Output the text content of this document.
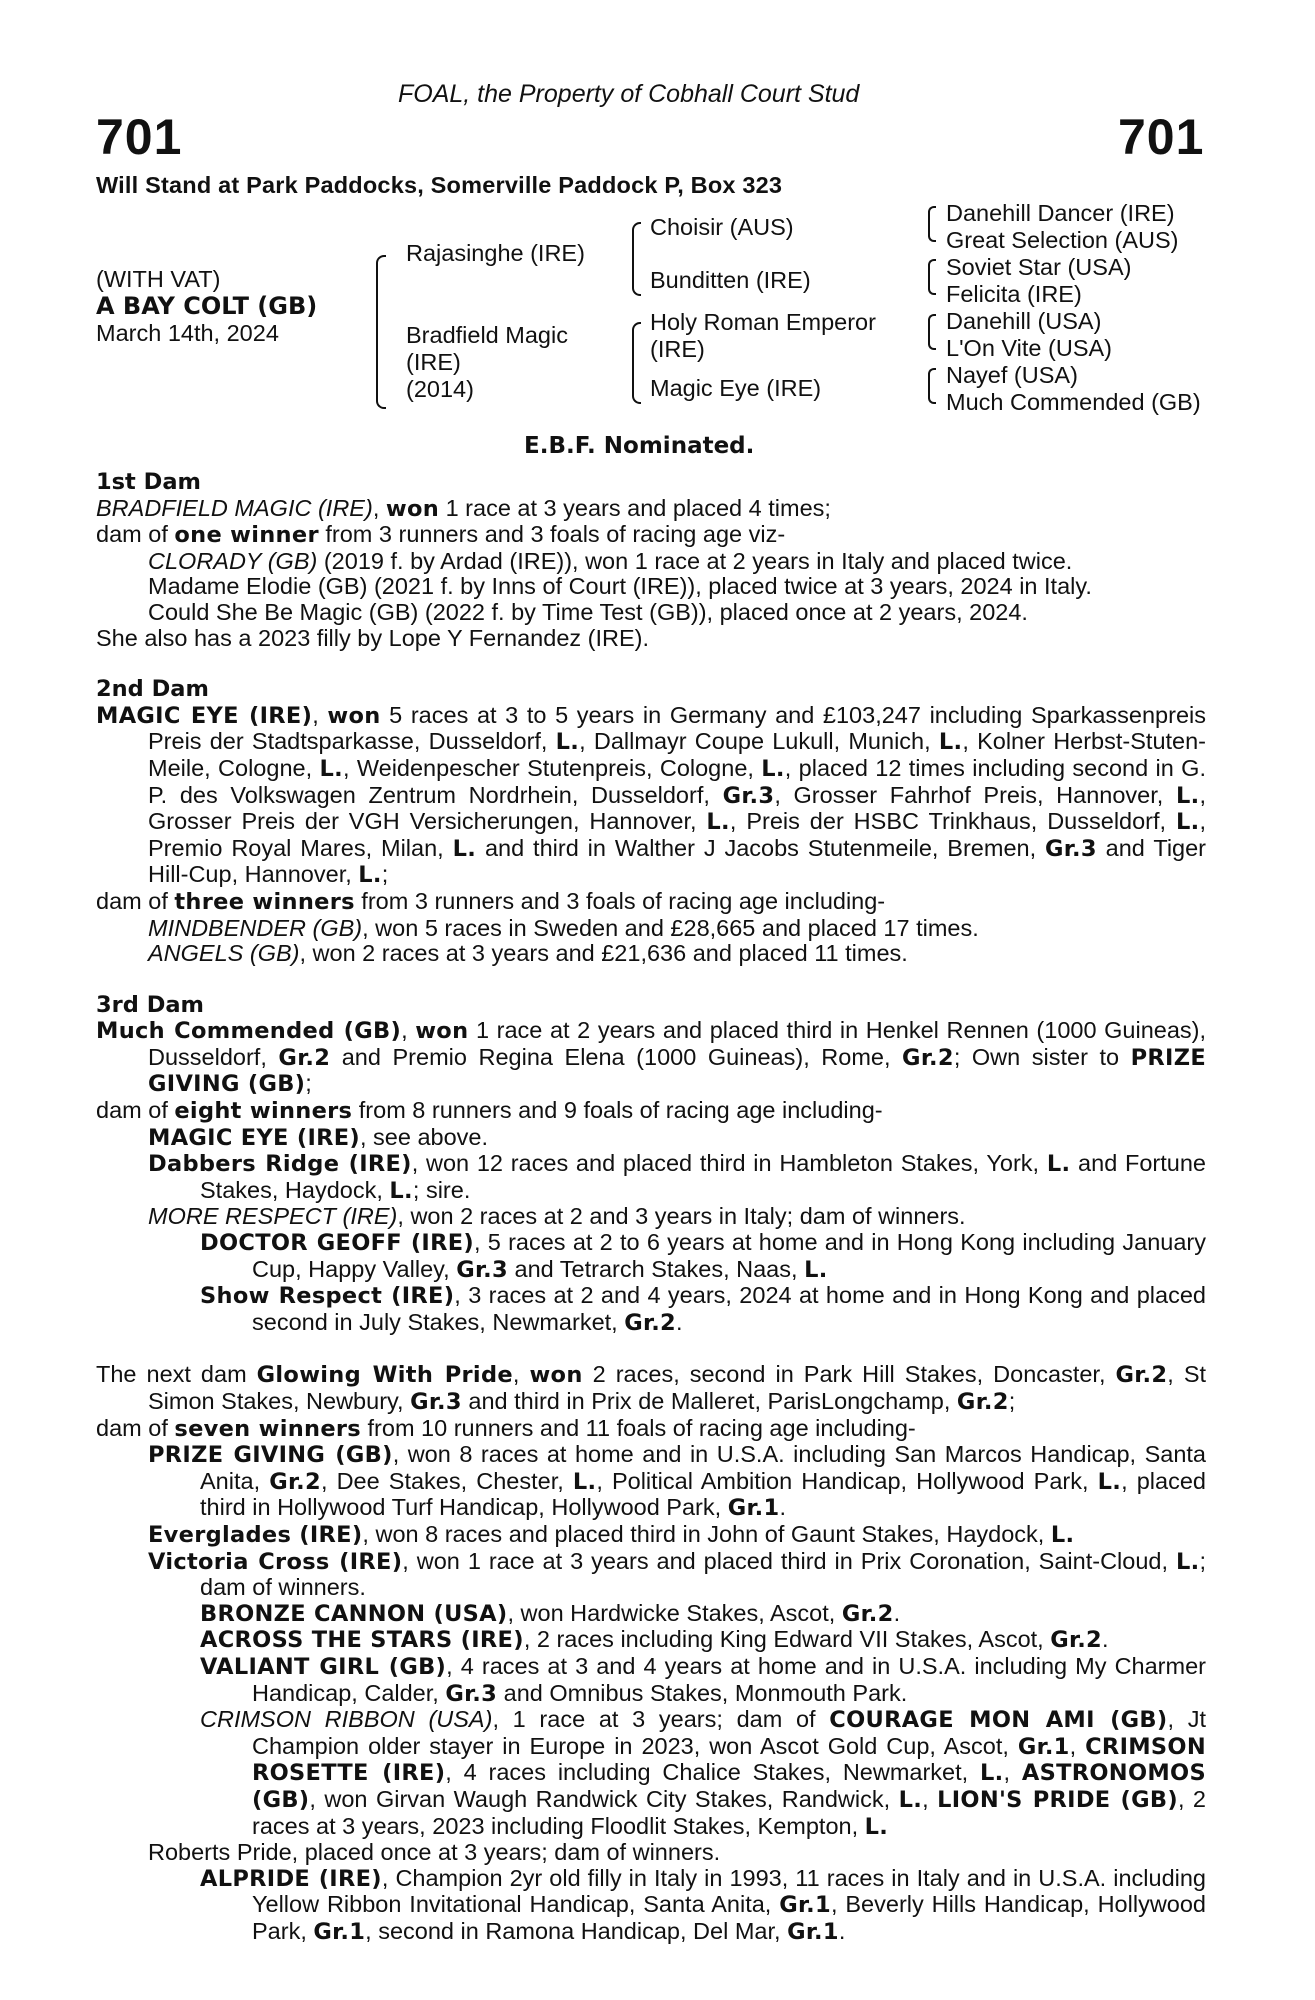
FOAL, the Property of Cobhall Court Stud
701	701
Will Stand at Park Paddocks, Somerville Paddock P, Box 323
(WITH VAT)
A BAY COLT (GB)
March 14th, 2024
Rajasinghe (IRE)
Bradfield Magic
(IRE)
(2014)
Choisir (AUS)
Bunditten (IRE)
Holy Roman Emperor
(IRE)
Magic Eye (IRE)
Danehill Dancer (IRE)
Great Selection (AUS)
Soviet Star (USA)
Felicita (IRE)
Danehill (USA)
L'On Vite (USA)
Nayef (USA)
Much Commended (GB)
E.B.F. Nominated.

1st Dam

BRADFIELD MAGIC (IRE), won 1 race at 3 years and placed 4 times;

dam of one winner from 3 runners and 3 foals of racing age viz-

CLORADY (GB) (2019 f. by Ardad (IRE)), won 1 race at 2 years in Italy and placed twice.

Madame Elodie (GB) (2021 f. by Inns of Court (IRE)), placed twice at 3 years, 2024 in Italy.

Could She Be Magic (GB) (2022 f. by Time Test (GB)), placed once at 2 years, 2024.

She also has a 2023 filly by Lope Y Fernandez (IRE).

2nd Dam

MAGIC EYE (IRE), won 5 races at 3 to 5 years in Germany and £103,247 including Sparkassenpreis Preis der Stadtsparkasse, Dusseldorf, L., Dallmayr Coupe Lukull, Munich, L., Kolner Herbst-Stuten-Meile, Cologne, L., Weidenpescher Stutenpreis, Cologne, L., placed 12 times including second in G. P. des Volkswagen Zentrum Nordrhein, Dusseldorf, Gr.3, Grosser Fahrhof Preis, Hannover, L., Grosser Preis der VGH Versicherungen, Hannover, L., Preis der HSBC Trinkhaus, Dusseldorf, L., Premio Royal Mares, Milan, L. and third in Walther J Jacobs Stutenmeile, Bremen, Gr.3 and Tiger Hill-Cup, Hannover, L.;

dam of three winners from 3 runners and 3 foals of racing age including-

MINDBENDER (GB), won 5 races in Sweden and £28,665 and placed 17 times.

ANGELS (GB), won 2 races at 3 years and £21,636 and placed 11 times.

3rd Dam

Much Commended (GB), won 1 race at 2 years and placed third in Henkel Rennen (1000 Guineas), Dusseldorf, Gr.2 and Premio Regina Elena (1000 Guineas), Rome, Gr.2; Own sister to PRIZE GIVING (GB);

dam of eight winners from 8 runners and 9 foals of racing age including-

MAGIC EYE (IRE), see above.

Dabbers Ridge (IRE), won 12 races and placed third in Hambleton Stakes, York, L. and Fortune Stakes, Haydock, L.; sire.

MORE RESPECT (IRE), won 2 races at 2 and 3 years in Italy; dam of winners.

DOCTOR GEOFF (IRE), 5 races at 2 to 6 years at home and in Hong Kong including January Cup, Happy Valley, Gr.3 and Tetrarch Stakes, Naas, L.

Show Respect (IRE), 3 races at 2 and 4 years, 2024 at home and in Hong Kong and placed second in July Stakes, Newmarket, Gr.2.

The next dam Glowing With Pride, won 2 races, second in Park Hill Stakes, Doncaster, Gr.2, St Simon Stakes, Newbury, Gr.3 and third in Prix de Malleret, ParisLongchamp, Gr.2;

dam of seven winners from 10 runners and 11 foals of racing age including-

PRIZE GIVING (GB), won 8 races at home and in U.S.A. including San Marcos Handicap, Santa Anita, Gr.2, Dee Stakes, Chester, L., Political Ambition Handicap, Hollywood Park, L., placed third in Hollywood Turf Handicap, Hollywood Park, Gr.1.

Everglades (IRE), won 8 races and placed third in John of Gaunt Stakes, Haydock, L.

Victoria Cross (IRE), won 1 race at 3 years and placed third in Prix Coronation, Saint-Cloud, L.; dam of winners.

BRONZE CANNON (USA), won Hardwicke Stakes, Ascot, Gr.2.

ACROSS THE STARS (IRE), 2 races including King Edward VII Stakes, Ascot, Gr.2.

VALIANT GIRL (GB), 4 races at 3 and 4 years at home and in U.S.A. including My Charmer Handicap, Calder, Gr.3 and Omnibus Stakes, Monmouth Park.

CRIMSON RIBBON (USA), 1 race at 3 years; dam of COURAGE MON AMI (GB), Jt Champion older stayer in Europe in 2023, won Ascot Gold Cup, Ascot, Gr.1, CRIMSON ROSETTE (IRE), 4 races including Chalice Stakes, Newmarket, L., ASTRONOMOS (GB), won Girvan Waugh Randwick City Stakes, Randwick, L., LION'S PRIDE (GB), 2 races at 3 years, 2023 including Floodlit Stakes, Kempton, L.

Roberts Pride, placed once at 3 years; dam of winners.

ALPRIDE (IRE), Champion 2yr old filly in Italy in 1993, 11 races in Italy and in U.S.A. including Yellow Ribbon Invitational Handicap, Santa Anita, Gr.1, Beverly Hills Handicap, Hollywood Park, Gr.1, second in Ramona Handicap, Del Mar, Gr.1.
